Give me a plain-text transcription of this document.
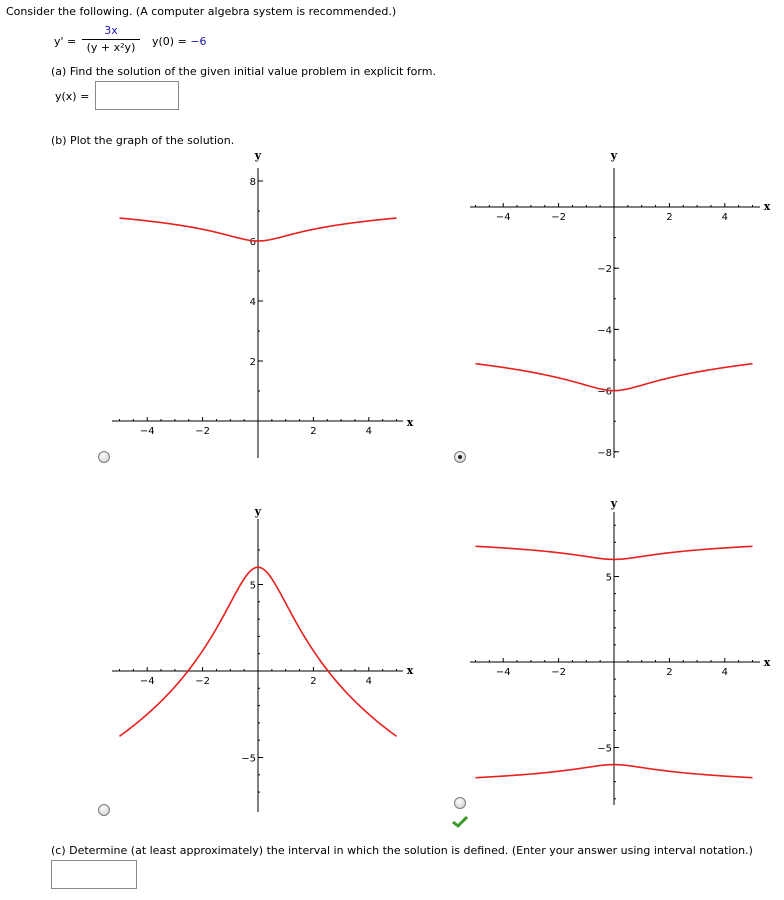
Consider the following. (A computer algebra system is recommended.)
y' =
3x
(y + x²y)	y(0) = −6
(a) Find the solution of the given initial value problem in explicit form.
y(x) =
(b) Plot the graph of the solution.
−4	−2	2	4
2
4
6
8
y
x
−4	−2	2	4
−8
−6
−4
−2
y
x
−4	−2	2	4
−5
5
y
x	−4	−2	2	4
−5
5
y
x
(c) Determine (at least approximately) the interval in which the solution is defined. (Enter your answer using interval notation.)
